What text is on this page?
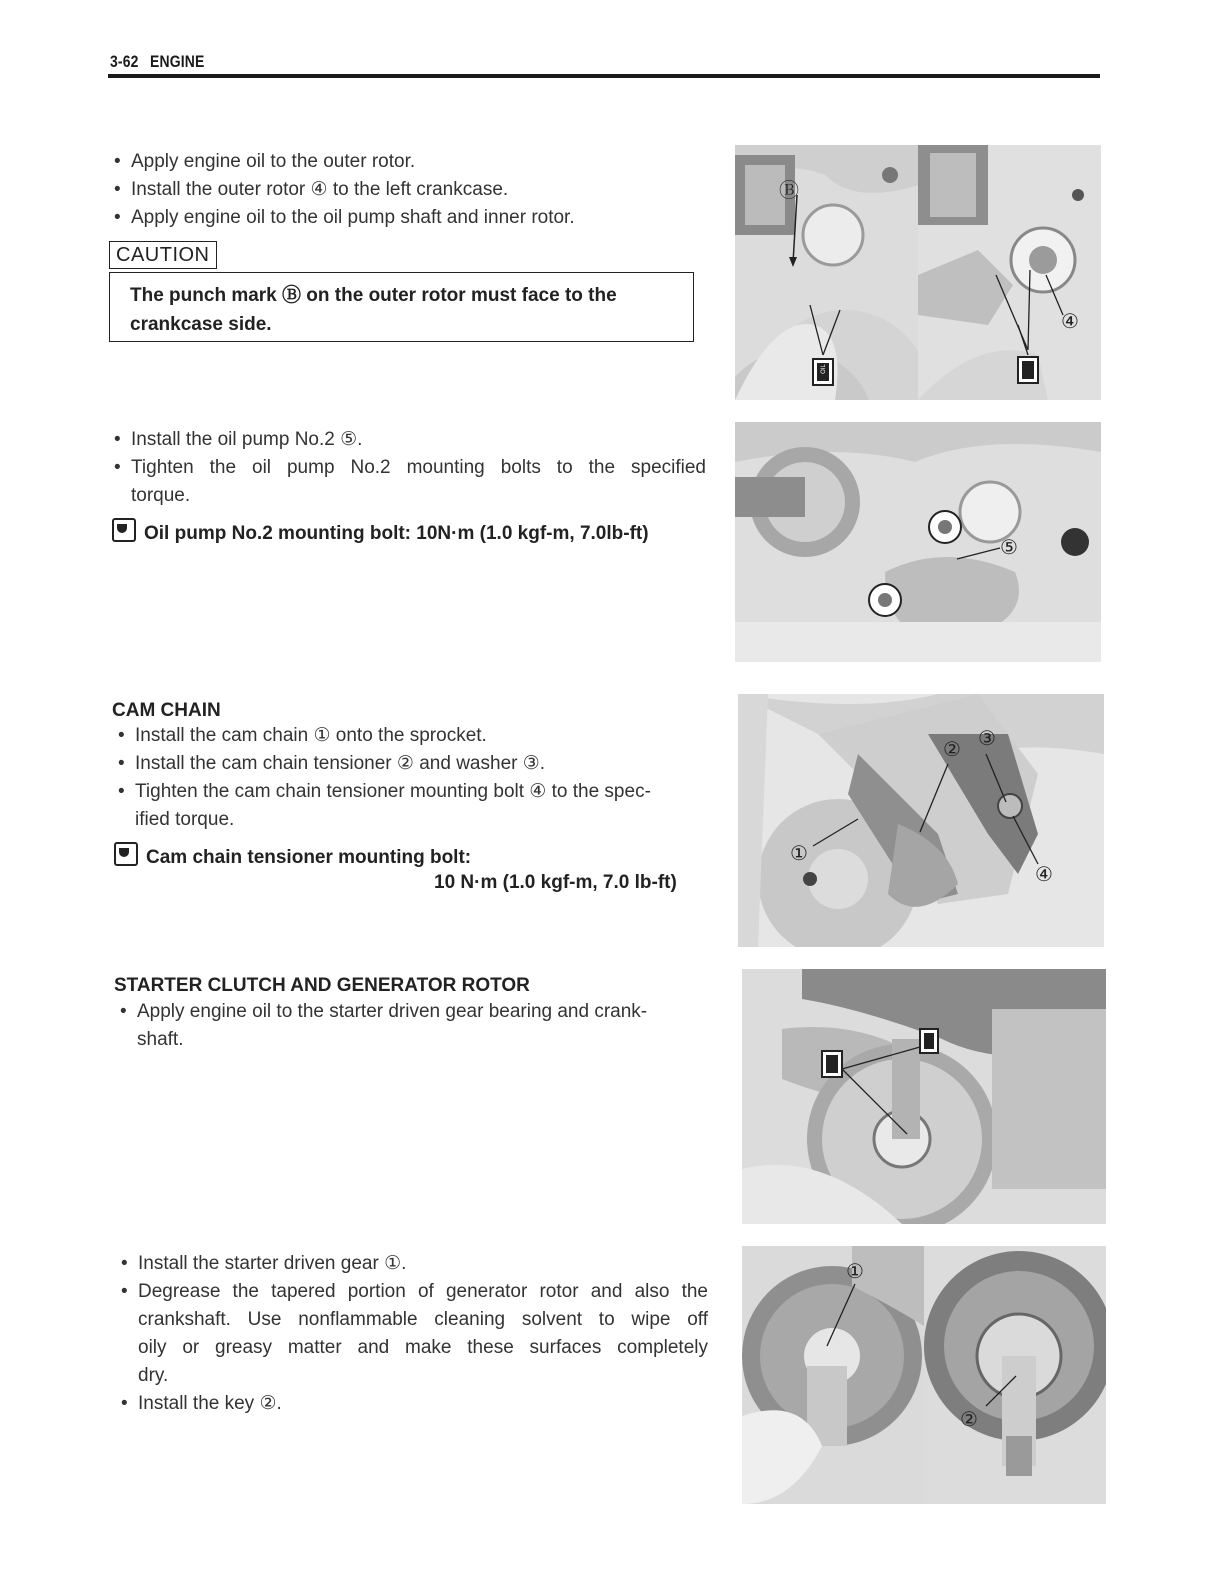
3-62 ENGINE
• Apply engine oil to the outer rotor.
• Install the outer rotor ④ to the left crankcase.
• Apply engine oil to the oil pump shaft and inner rotor.
CAUTION
The punch mark Ⓑ on the outer rotor must face to the
crankcase side.
• Install the oil pump No.2 ⑤.
• Tighten the oil pump No.2 mounting bolts to the specified
torque.
Oil pump No.2 mounting bolt: 10N·m (1.0 kgf-m, 7.0lb-ft)
CAM CHAIN
• Install the cam chain ① onto the sprocket.
• Install the cam chain tensioner ② and washer ③.
• Tighten the cam chain tensioner mounting bolt ④ to the spec-
ified torque.
Cam chain tensioner mounting bolt:
10 N·m (1.0 kgf-m, 7.0 lb-ft)
STARTER CLUTCH AND GENERATOR ROTOR
• Apply engine oil to the starter driven gear bearing and crank-
shaft.
• Install the starter driven gear ①.
• Degrease the tapered portion of generator rotor and also the
crankshaft. Use nonflammable cleaning solvent to wipe off
oily or greasy matter and make these surfaces completely
dry.
• Install the key ②.
Ⓑ
OIL
④
⑤
①
② ③
④
①
②
